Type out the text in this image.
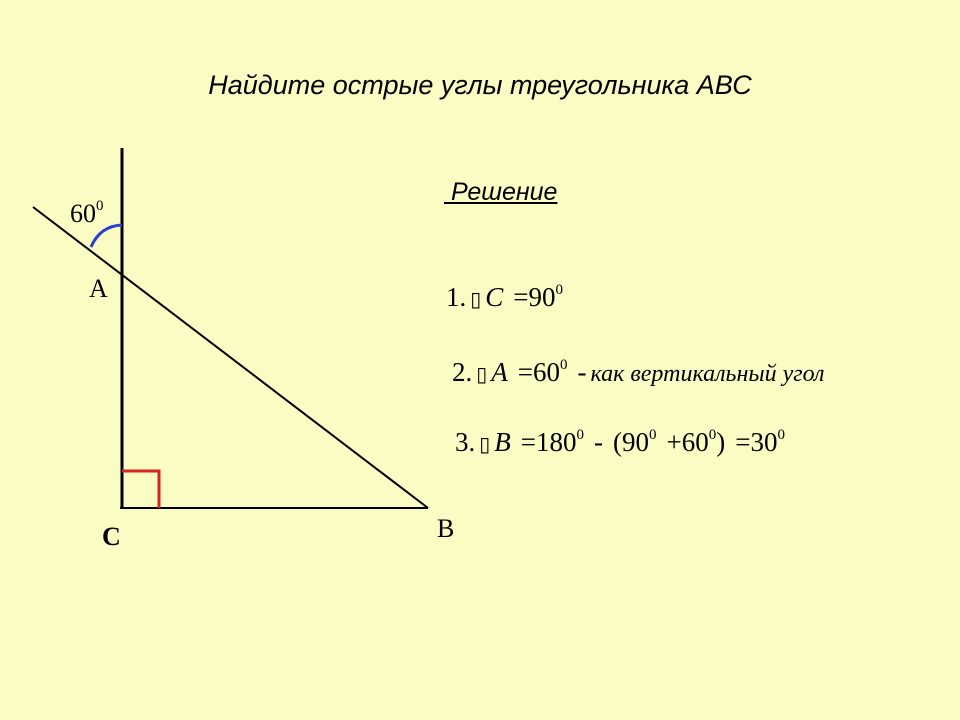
Найдите острые углы треугольника АВС
$60^0$
А
С	В
Решение
1. ▯ $С =90^0$
2. ▯ $А =60^0$ - как вертикальный угол
3. ▯ $В =180^0 - (90^0 +60^0) =30^0$
